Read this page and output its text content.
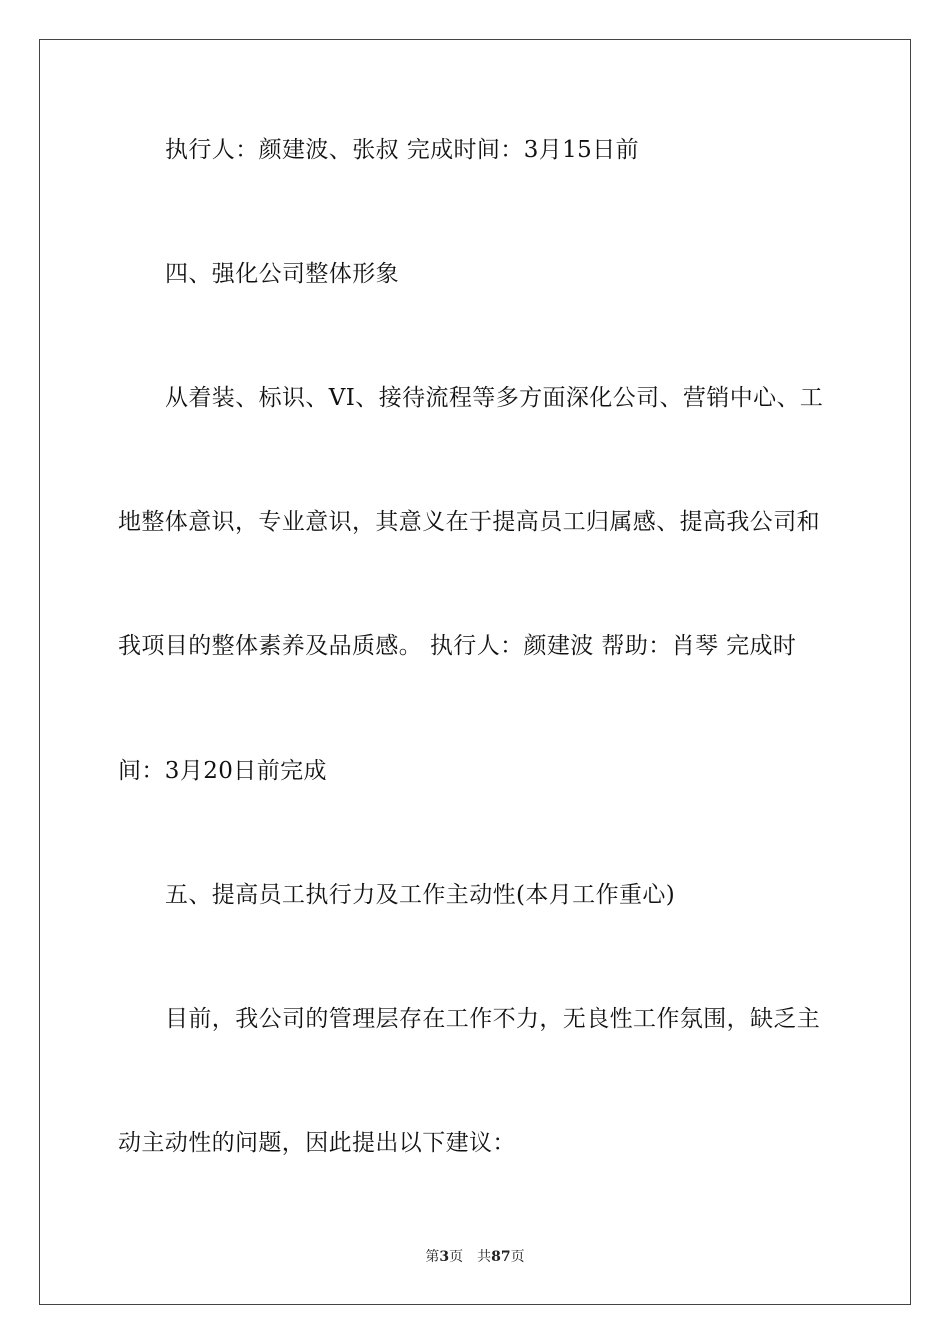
执行人：颜建波、张叔 完成时间：3月15日前
四、强化公司整体形象
从着装、标识、VI、接待流程等多方面深化公司、营销中心、工
地整体意识，专业意识，其意义在于提高员工归属感、提高我公司和
我项目的整体素养及品质感。 执行人：颜建波 帮助：肖琴 完成时
间：3月20日前完成
五、提高员工执行力及工作主动性(本月工作重心)
目前，我公司的管理层存在工作不力，无良性工作氛围，缺乏主
动主动性的问题，因此提出以下建议：
第3页 共87页
